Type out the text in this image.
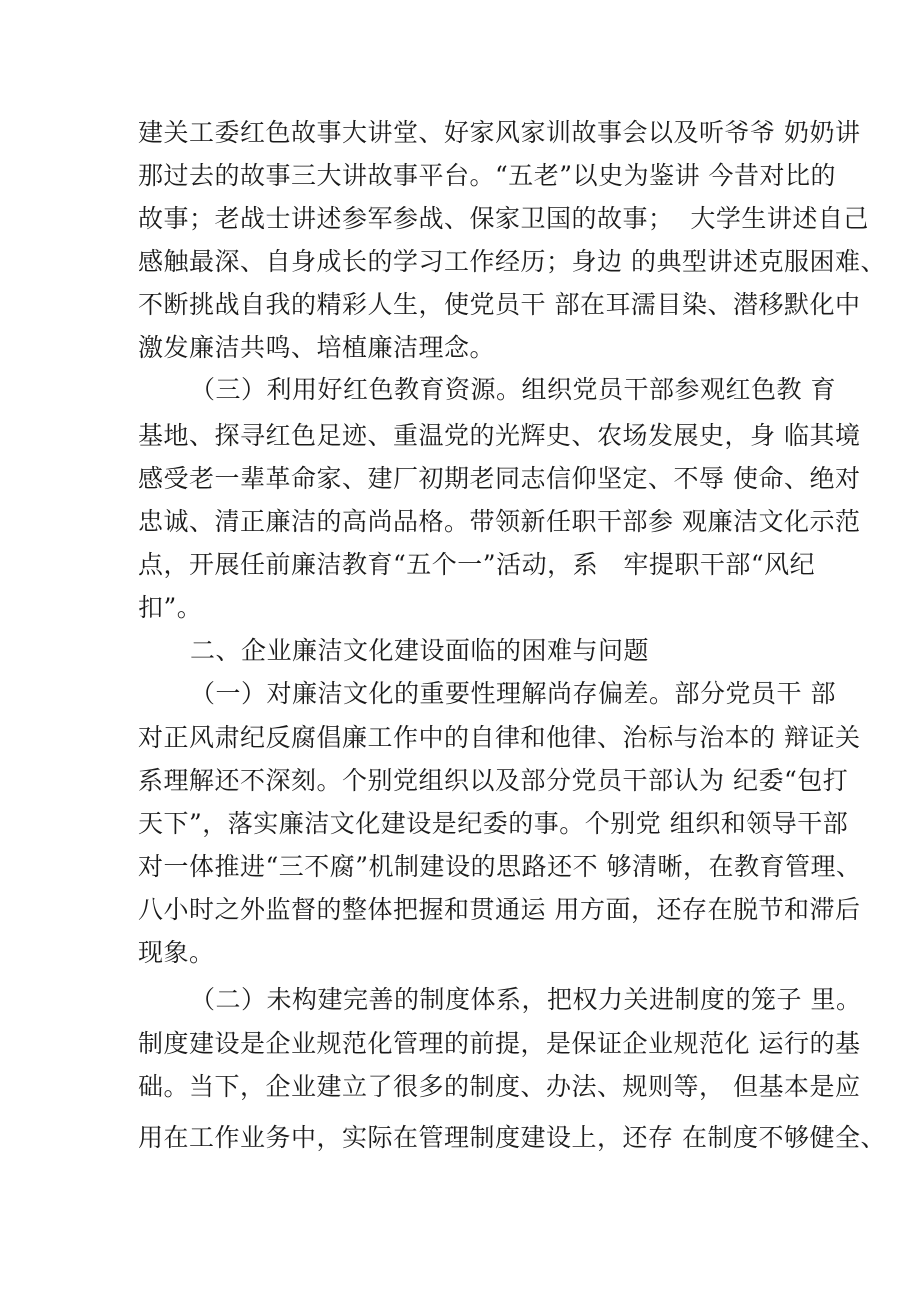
建关工委红色故事大讲堂、好家风家训故事会以及听爷爷 奶奶讲
那过去的故事三大讲故事平台。“五老”以史为鉴讲 今昔对比的
故事；老战士讲述参军参战、保家卫国的故事；  大学生讲述自己
感触最深、自身成长的学习工作经历；身边 的典型讲述克服困难、
不断挑战自我的精彩人生，使党员干 部在耳濡目染、潜移默化中
激发廉洁共鸣、培植廉洁理念。
（三）利用好红色教育资源。组织党员干部参观红色教 育
基地、探寻红色足迹、重温党的光辉史、农场发展史，身 临其境
感受老一辈革命家、建厂初期老同志信仰坚定、不辱 使命、绝对
忠诚、清正廉洁的高尚品格。带领新任职干部参 观廉洁文化示范
点，开展任前廉洁教育“五个一”活动，系   牢提职干部“风纪
扣”。
二、企业廉洁文化建设面临的困难与问题
（一）对廉洁文化的重要性理解尚存偏差。部分党员干 部
对正风肃纪反腐倡廉工作中的自律和他律、治标与治本的 辩证关
系理解还不深刻。个别党组织以及部分党员干部认为 纪委“包打
天下”，落实廉洁文化建设是纪委的事。个别党 组织和领导干部
对一体推进“三不腐”机制建设的思路还不 够清晰，在教育管理、
八小时之外监督的整体把握和贯通运 用方面，还存在脱节和滞后
现象。
（二）未构建完善的制度体系，把权力关进制度的笼子 里。
制度建设是企业规范化管理的前提，是保证企业规范化 运行的基
础。当下，企业建立了很多的制度、办法、规则等， 但基本是应
用在工作业务中，实际在管理制度建设上，还存 在制度不够健全、
